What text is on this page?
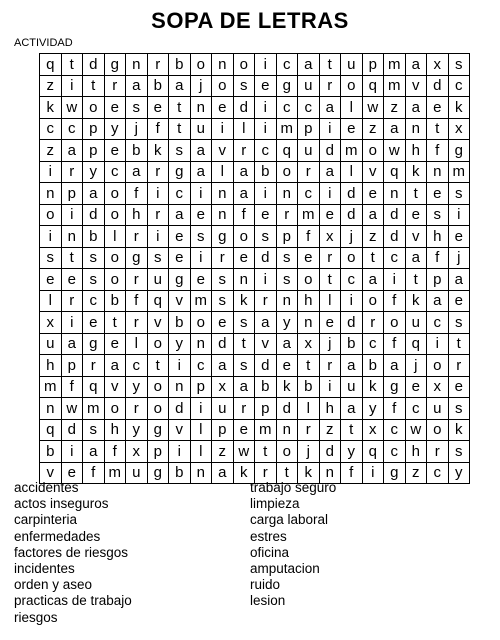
SOPA DE LETRAS
ACTIVIDAD
q	t	d	g	n	r	b	o	n	o	i	c	a	t	u	p	m	a	x	s
z	i	t	r	a	b	a	j	o	s	e	g	u	r	o	q	m	v	d	c
k	w	o	e	s	e	t	n	e	d	i	c	c	a	l	w	z	a	e	k
c	c	p	y	j	f	t	u	i	l	i	m	p	i	e	z	a	n	t	x
z	a	p	e	b	k	s	a	v	r	c	q	u	d	m	o	w	h	f	g
i	r	y	c	a	r	g	a	l	a	b	o	r	a	l	v	q	k	n	m
n	p	a	o	f	i	c	i	n	a	i	n	c	i	d	e	n	t	e	s
o	i	d	o	h	r	a	e	n	f	e	r	m	e	d	a	d	e	s	i
i	n	b	l	r	i	e	s	g	o	s	p	f	x	j	z	d	v	h	e
s	t	s	o	g	s	e	i	r	e	d	s	e	r	o	t	c	a	f	j
e	e	s	o	r	u	g	e	s	n	i	s	o	t	c	a	i	t	p	a
l	r	c	b	f	q	v	m	s	k	r	n	h	l	i	o	f	k	a	e
x	i	e	t	r	v	b	o	e	s	a	y	n	e	d	r	o	u	c	s
u	a	g	e	l	o	y	n	d	t	v	a	x	j	b	c	f	q	i	t
h	p	r	a	c	t	i	c	a	s	d	e	t	r	a	b	a	j	o	r
m	f	q	v	y	o	n	p	x	a	b	k	b	i	u	k	g	e	x	e
n	w	m	o	r	o	d	i	u	r	p	d	l	h	a	y	f	c	u	s
q	d	s	h	y	g	v	l	p	e	m	n	r	z	t	x	c	w	o	k
b	i	a	f	x	p	i	l	z	w	t	o	j	d	y	q	c	h	r	s
v	e	f	m	u	g	b	n	a	k	r	t	k	n	f	i	g	z	c	y
accidentes
actos inseguros
carpinteria
enfermedades
factores de riesgos
incidentes
orden y aseo
practicas de trabajo
riesgos
trabajo seguro
limpieza
carga laboral
estres
oficina
amputacion
ruido
lesion
